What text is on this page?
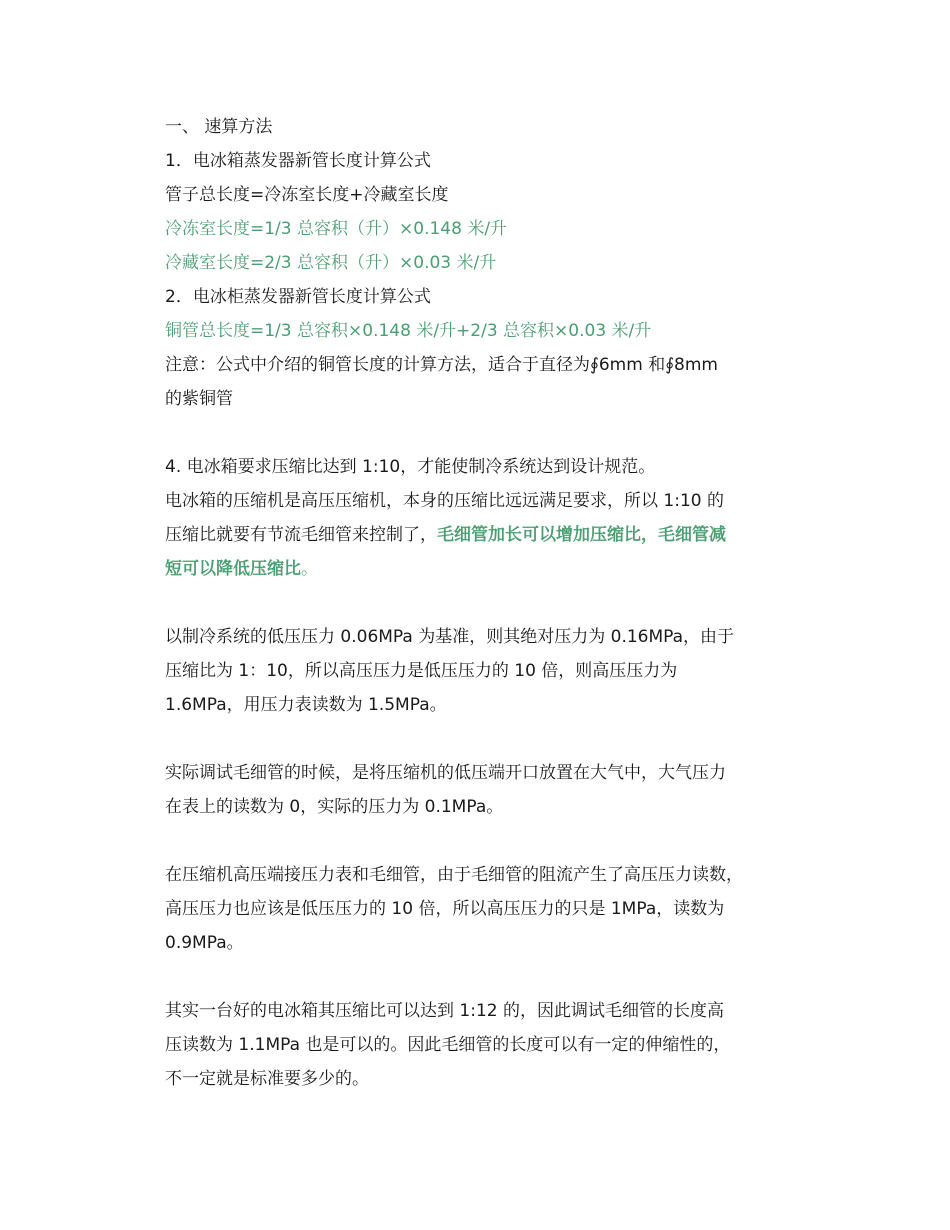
一、 速算方法
1．电冰箱蒸发器新管长度计算公式
管子总长度=冷冻室长度+冷藏室长度
冷冻室长度=1/3 总容积（升）×0.148 米/升
冷藏室长度=2/3 总容积（升）×0.03 米/升
2．电冰柜蒸发器新管长度计算公式
铜管总长度=1/3 总容积×0.148 米/升+2/3 总容积×0.03 米/升
注意：公式中介绍的铜管长度的计算方法，适合于直径为∮6mm 和∮8mm
的紫铜管
4. 电冰箱要求压缩比达到 1:10，才能使制冷系统达到设计规范。
电冰箱的压缩机是高压压缩机，本身的压缩比远远满足要求，所以 1:10 的
压缩比就要有节流毛细管来控制了，毛细管加长可以增加压缩比，毛细管减
短可以降低压缩比。
以制冷系统的低压压力 0.06MPa 为基准，则其绝对压力为 0.16MPa，由于
压缩比为 1：10，所以高压压力是低压压力的 10 倍，则高压压力为
1.6MPa，用压力表读数为 1.5MPa。
实际调试毛细管的时候，是将压缩机的低压端开口放置在大气中，大气压力
在表上的读数为 0，实际的压力为 0.1MPa。
在压缩机高压端接压力表和毛细管，由于毛细管的阻流产生了高压压力读数，
高压压力也应该是低压压力的 10 倍，所以高压压力的只是 1MPa，读数为
0.9MPa。
其实一台好的电冰箱其压缩比可以达到 1:12 的，因此调试毛细管的长度高
压读数为 1.1MPa 也是可以的。因此毛细管的长度可以有一定的伸缩性的，
不一定就是标准要多少的。
